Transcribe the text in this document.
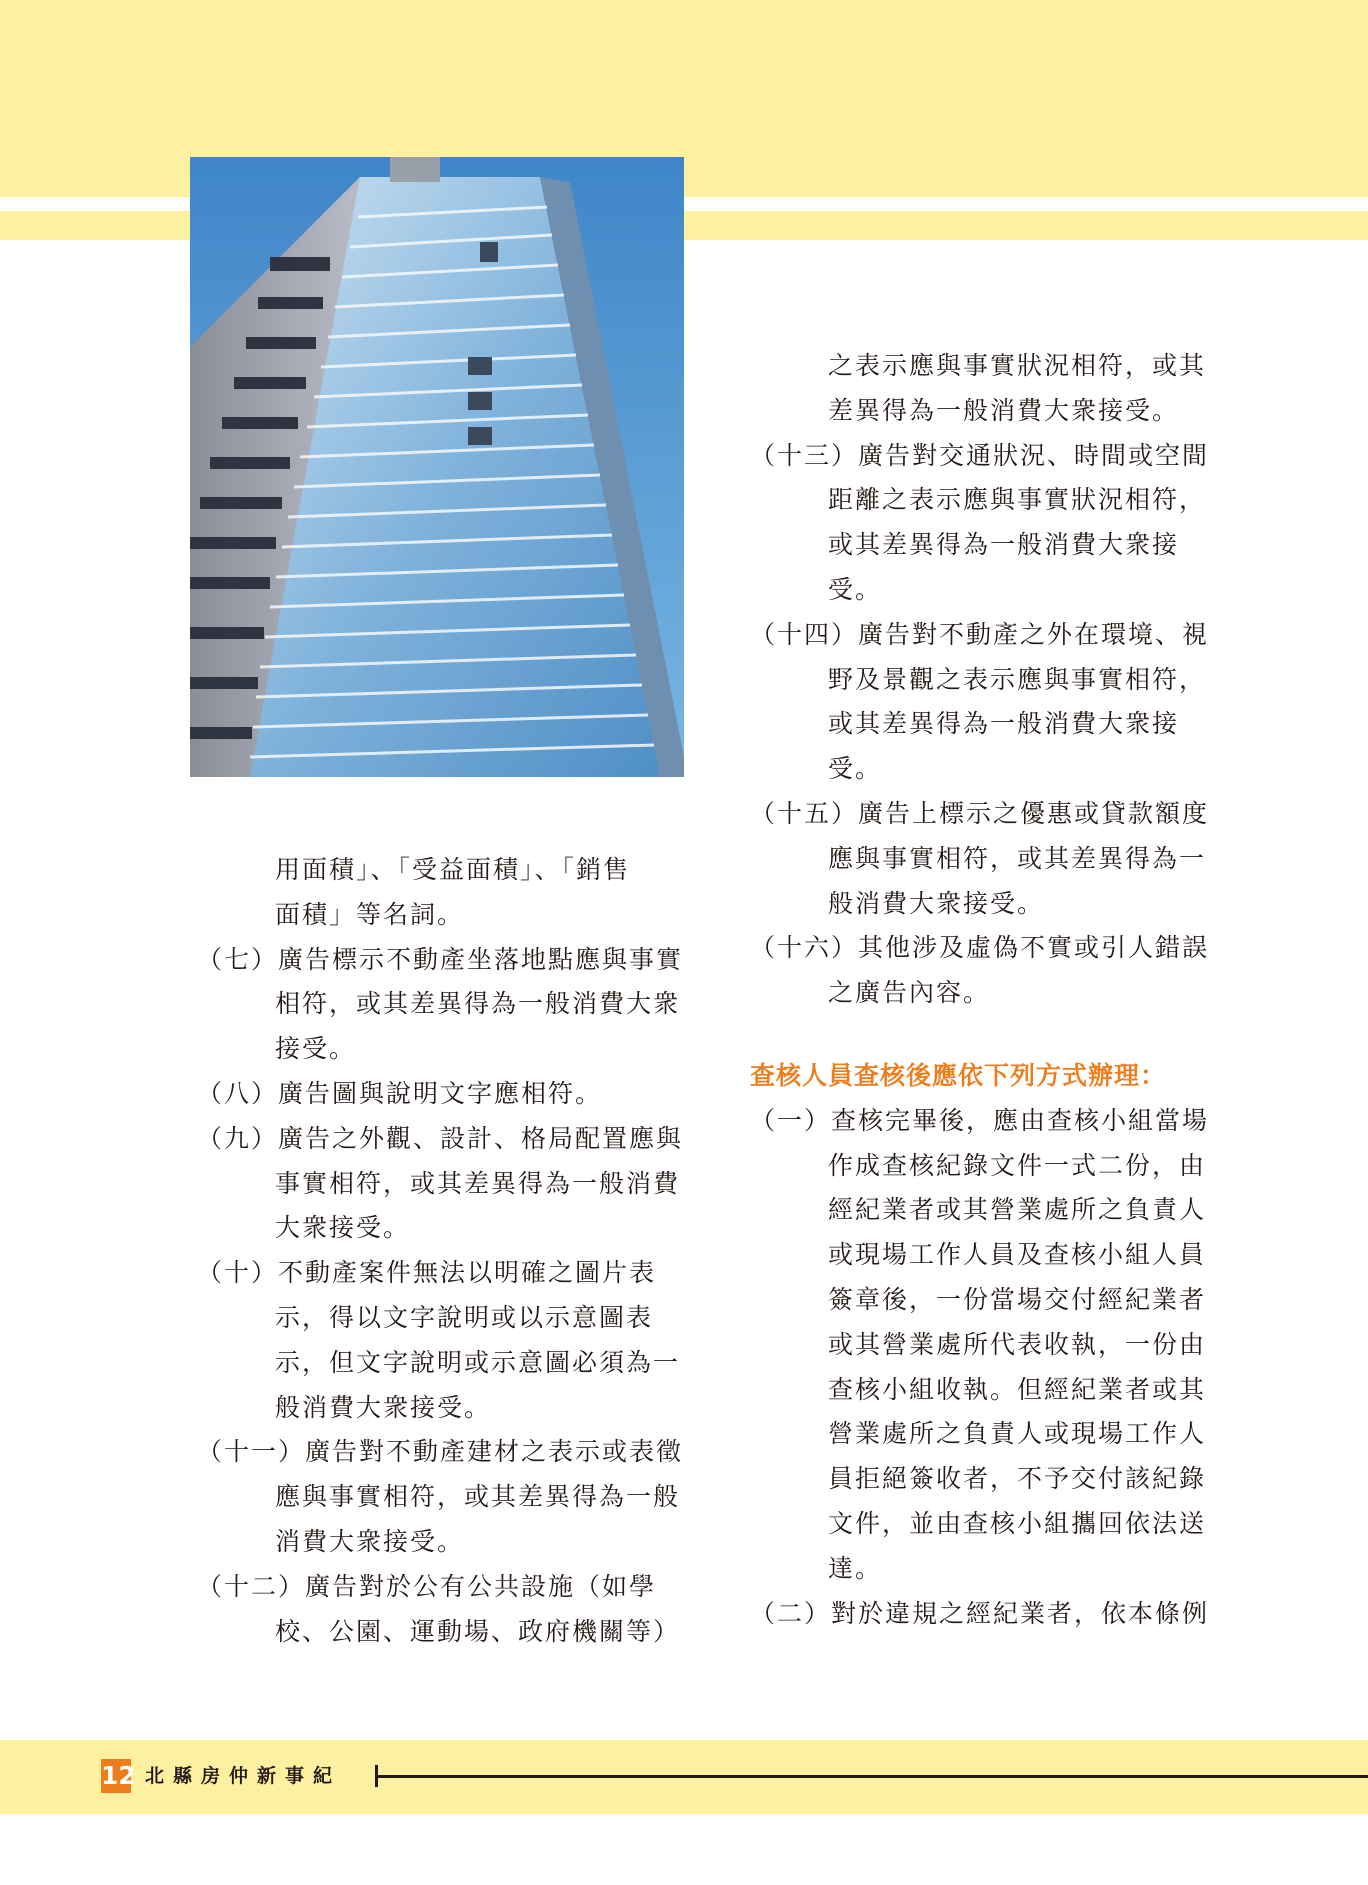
用面積」、「受益面積」、「銷售
面積」等名詞。
（七）廣告標示不動產坐落地點應與事實
相符，或其差異得為一般消費大衆
接受。
（八）廣告圖與說明文字應相符。
（九）廣告之外觀、設計、格局配置應與
事實相符，或其差異得為一般消費
大衆接受。
（十）不動產案件無法以明確之圖片表
示，得以文字說明或以示意圖表
示，但文字說明或示意圖必須為一
般消費大衆接受。
（十一）廣告對不動產建材之表示或表徵
應與事實相符，或其差異得為一般
消費大衆接受。
（十二）廣告對於公有公共設施（如學
校、公園、運動場、政府機關等）
之表示應與事實狀況相符，或其
差異得為一般消費大衆接受。
（十三）廣告對交通狀況、時間或空間
距離之表示應與事實狀況相符，
或其差異得為一般消費大衆接
受。
（十四）廣告對不動產之外在環境、視
野及景觀之表示應與事實相符，
或其差異得為一般消費大衆接
受。
（十五）廣告上標示之優惠或貸款額度
應與事實相符，或其差異得為一
般消費大衆接受。
（十六）其他涉及虛偽不實或引人錯誤
之廣告內容。
查核人員查核後應依下列方式辦理：
（一）查核完畢後，應由查核小組當場
作成查核紀錄文件一式二份，由
經紀業者或其營業處所之負責人
或現場工作人員及查核小組人員
簽章後，一份當場交付經紀業者
或其營業處所代表收執，一份由
查核小組收執。但經紀業者或其
營業處所之負責人或現場工作人
員拒絕簽收者，不予交付該紀錄
文件，並由查核小組攜回依法送
達。
（二）對於違規之經紀業者，依本條例
12 北縣房仲新事紀
